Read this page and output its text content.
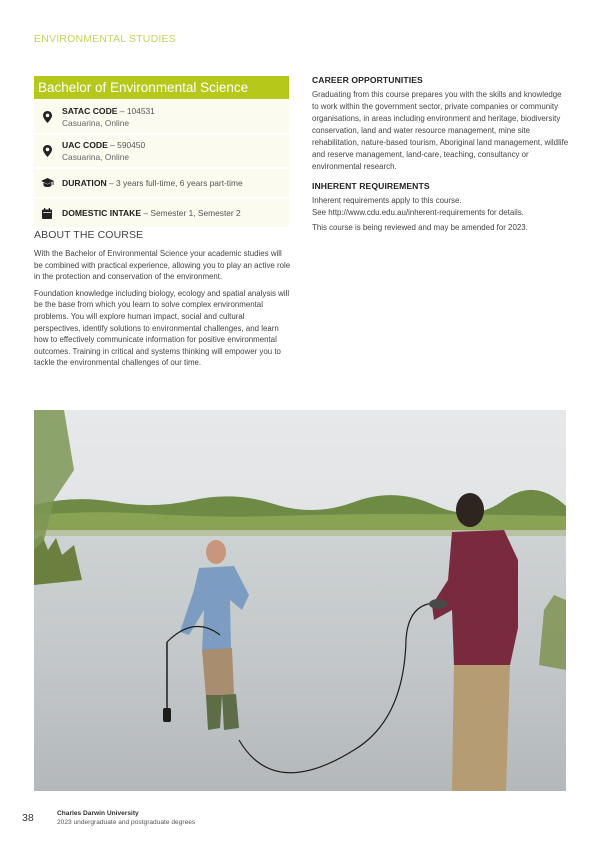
ENVIRONMENTAL STUDIES
Bachelor of Environmental Science
SATAC CODE – 104531
Casuarina, Online
UAC CODE – 590450
Casuarina, Online
DURATION – 3 years full-time, 6 years part-time
DOMESTIC INTAKE – Semester 1, Semester 2
ABOUT THE COURSE

With the Bachelor of Environmental Science your academic studies will be combined with practical experience, allowing you to play an active role in the protection and conservation of the environment.

Foundation knowledge including biology, ecology and spatial analysis will be the base from which you learn to solve complex environmental problems. You will explore human impact, social and cultural perspectives, identify solutions to environmental challenges, and learn how to effectively communicate information for positive environmental outcomes. Training in critical and systems thinking will empower you to tackle the environmental challenges of our time.

CAREER OPPORTUNITIES

Graduating from this course prepares you with the skills and knowledge to work within the government sector, private companies or community organisations, in areas including environment and heritage, biodiversity conservation, land and water resource management, mine site rehabilitation, nature-based tourism, Aboriginal land management, wildlife and reserve management, land-care, teaching, consultancy or environmental research.

INHERENT REQUIREMENTS

Inherent requirements apply to this course.

See http://www.cdu.edu.au/inherent-requirements for details.

This course is being reviewed and may be amended for 2023.

38	Charles Darwin University
2023 undergraduate and postgraduate degrees
